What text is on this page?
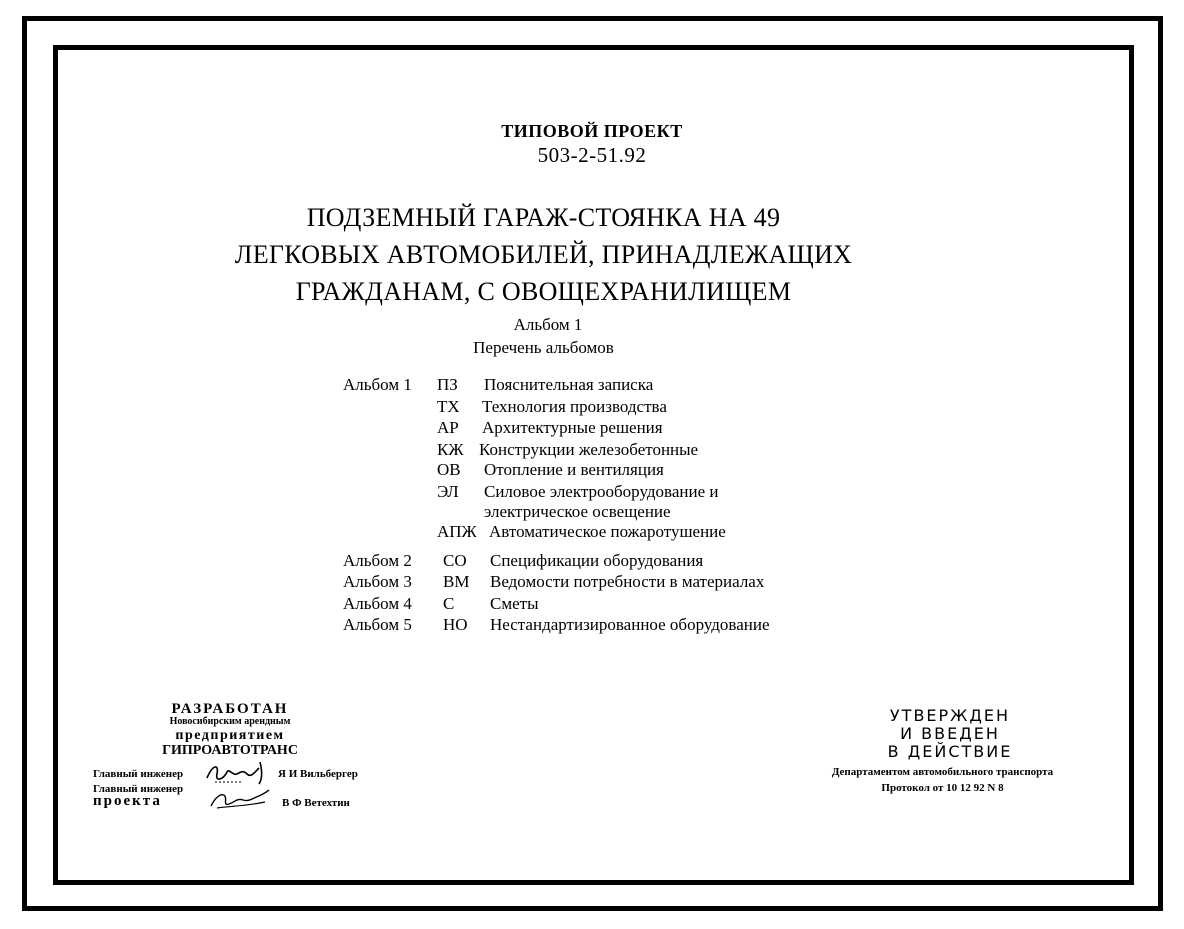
ТИПОВОЙ ПРОЕКТ
503-2-51.92
ПОДЗЕМНЫЙ ГАРАЖ-СТОЯНКА НА 49
ЛЕГКОВЫХ АВТОМОБИЛЕЙ, ПРИНАДЛЕЖАЩИХ
ГРАЖДАНАМ, С ОВОЩЕХРАНИЛИЩЕМ
Альбом 1
Перечень альбомов
Альбом 1 ПЗ Пояснительная записка
ТХ Технология производства
АР Архитектурные решения
КЖ Конструкции железобетонные
ОВ Отопление и вентиляция
ЭЛ Силовое электрооборудование и
электрическое освещение
АПЖ Автоматическое пожаротушение
Альбом 2 СО Спецификации оборудования
Альбом 3 ВМ Ведомости потребности в материалах
Альбом 4 С Сметы
Альбом 5 НО Нестандартизированное оборудование
РАЗРАБОТАН
Новосибирским арендным
предприятием
ГИПРОАВТОТРАНС
Главный инженер	Я И Вильбергер
Главный инженер
проекта	В Ф Ветехтин
УТВЕРЖДЕН
И ВВЕДЕН
В ДЕЙСТВИЕ
Департаментом автомобильного транспорта
Протокол от 10 12 92 N 8
